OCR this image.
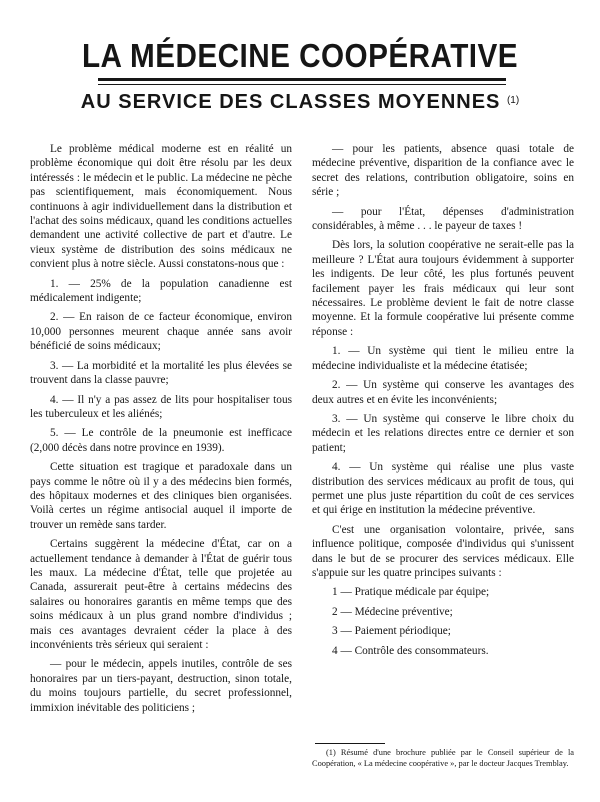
LA MÉDECINE COOPÉRATIVE
AU SERVICE DES CLASSES MOYENNES $^{(1)}$

Le problème médical moderne est en réalité un problème économique qui doit être résolu par les deux intéressés : le médecin et le public. La médecine ne pèche pas scientifiquement, mais économiquement. Nous continuons à agir individuellement dans la distribution et l'achat des soins médicaux, quand les conditions actuelles demandent une activité collective de part et d'autre. Le vieux système de distribution des soins médicaux ne convient plus à notre siècle. Aussi constatons-nous que :

1. — 25% de la population canadienne est médicalement indigente;

2. — En raison de ce facteur économique, environ 10,000 personnes meurent chaque année sans avoir bénéficié de soins médicaux;

3. — La morbidité et la mortalité les plus élevées se trouvent dans la classe pauvre;

4. — Il n'y a pas assez de lits pour hospitaliser tous les tuberculeux et les aliénés;

5. — Le contrôle de la pneumonie est inefficace (2,000 décès dans notre province en 1939).

Cette situation est tragique et paradoxale dans un pays comme le nôtre où il y a des médecins bien formés, des hôpitaux modernes et des cliniques bien organisées. Voilà certes un régime antisocial auquel il importe de trouver un remède sans tarder.

Certains suggèrent la médecine d'État, car on a actuellement tendance à demander à l'État de guérir tous les maux. La médecine d'État, telle que projetée au Canada, assurerait peut-être à certains médecins des salaires ou honoraires garantis en même temps que des soins médicaux à un plus grand nombre d'individus ; mais ces avantages devraient céder la place à des inconvénients très sérieux qui seraient :

— pour le médecin, appels inutiles, contrôle de ses honoraires par un tiers-payant, destruction, sinon totale, du moins toujours partielle, du secret professionnel, immixion inévitable des politiciens ;

— pour les patients, absence quasi totale de médecine préventive, disparition de la confiance avec le secret des relations, contribution obligatoire, soins en série ;

— pour l'État, dépenses d'administration considérables, à même . . . le payeur de taxes !

Dès lors, la solution coopérative ne serait-elle pas la meilleure ? L'État aura toujours évidemment à supporter les indigents. De leur côté, les plus fortunés peuvent facilement payer les frais médicaux qui leur sont nécessaires. Le problème devient le fait de notre classe moyenne. Et la formule coopérative lui présente comme réponse :

1. — Un système qui tient le milieu entre la médecine individualiste et la médecine étatisée;

2. — Un système qui conserve les avantages des deux autres et en évite les inconvénients;

3. — Un système qui conserve le libre choix du médecin et les relations directes entre ce dernier et son patient;

4. — Un système qui réalise une plus vaste distribution des services médicaux au profit de tous, qui permet une plus juste répartition du coût de ces services et qui érige en institution la médecine préventive.

C'est une organisation volontaire, privée, sans influence politique, composée d'individus qui s'unissent dans le but de se procurer des services médicaux. Elle s'appuie sur les quatre principes suivants :

1 — Pratique médicale par équipe;

2 — Médecine préventive;

3 — Paiement périodique;

4 — Contrôle des consommateurs.

(1) Résumé d'une brochure publiée par le Conseil supérieur de la Coopération, « La médecine coopérative », par le docteur Jacques Tremblay.
